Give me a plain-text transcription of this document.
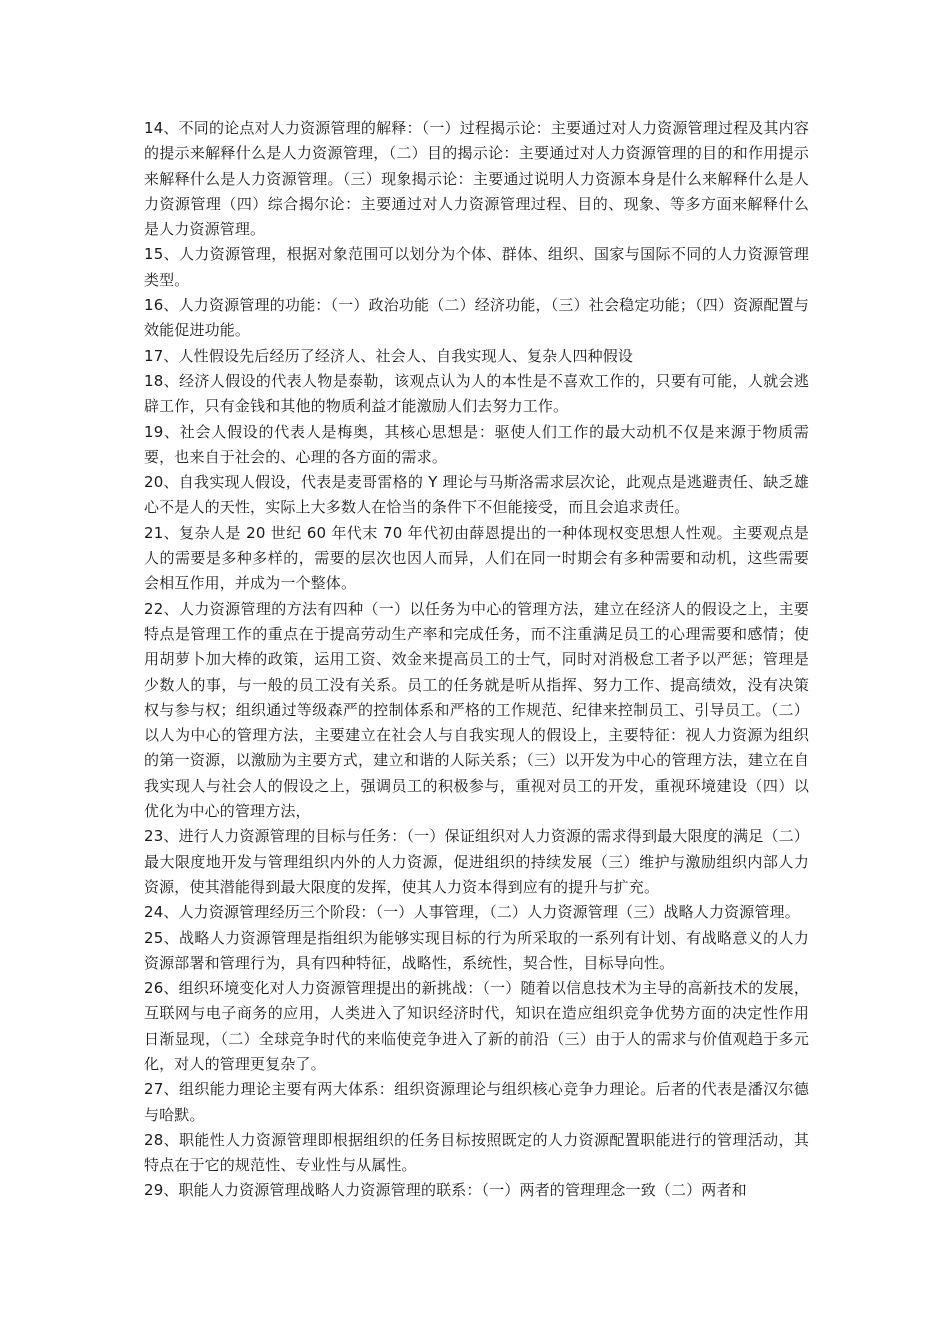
14、不同的论点对人力资源管理的解释：（一）过程揭示论：主要通过对人力资源管理过程及其内容的提示来解释什么是人力资源管理，（二）目的揭示论：主要通过对人力资源管理的目的和作用提示来解释什么是人力资源管理。（三）现象揭示论：主要通过说明人力资源本身是什么来解释什么是人力资源管理（四）综合揭尔论：主要通过对人力资源管理过程、目的、现象、等多方面来解释什么是人力资源管理。

15、人力资源管理，根据对象范围可以划分为个体、群体、组织、国家与国际不同的人力资源管理类型。

16、人力资源管理的功能：（一）政治功能（二）经济功能，（三）社会稳定功能；（四）资源配置与效能促进功能。

17、人性假设先后经历了经济人、社会人、自我实现人、复杂人四种假设

18、经济人假设的代表人物是泰勒，该观点认为人的本性是不喜欢工作的，只要有可能，人就会逃辟工作，只有金钱和其他的物质利益才能激励人们去努力工作。

19、社会人假设的代表人是梅奥，其核心思想是：驱使人们工作的最大动机不仅是来源于物质需要，也来自于社会的、心理的各方面的需求。

20、自我实现人假设，代表是麦哥雷格的 Y 理论与马斯洛需求层次论，此观点是逃避责任、缺乏雄心不是人的天性，实际上大多数人在恰当的条件下不但能接受，而且会追求责任。

21、复杂人是 20 世纪 60 年代末 70 年代初由薛恩提出的一种体现权变思想人性观。主要观点是人的需要是多种多样的，需要的层次也因人而异，人们在同一时期会有多种需要和动机，这些需要会相互作用，并成为一个整体。

22、人力资源管理的方法有四种（一）以任务为中心的管理方法，建立在经济人的假设之上，主要特点是管理工作的重点在于提高劳动生产率和完成任务，而不注重满足员工的心理需要和感情；使用胡萝卜加大棒的政策，运用工资、效金来提高员工的士气，同时对消极怠工者予以严惩；管理是少数人的事，与一般的员工没有关系。员工的任务就是听从指挥、努力工作、提高绩效，没有决策权与参与权；组织通过等级森严的控制体系和严格的工作规范、纪律来控制员工、引导员工。（二）以人为中心的管理方法，主要建立在社会人与自我实现人的假设上，主要特征：视人力资源为组织的第一资源，以激励为主要方式，建立和谐的人际关系；（三）以开发为中心的管理方法，建立在自我实现人与社会人的假设之上，强调员工的积极参与，重视对员工的开发，重视环境建设（四）以优化为中心的管理方法，

23、进行人力资源管理的目标与任务：（一）保证组织对人力资源的需求得到最大限度的满足（二）最大限度地开发与管理组织内外的人力资源，促进组织的持续发展（三）维护与激励组织内部人力资源，使其潜能得到最大限度的发挥，使其人力资本得到应有的提升与扩充。

24、人力资源管理经历三个阶段：（一）人事管理，（二）人力资源管理（三）战略人力资源管理。

25、战略人力资源管理是指组织为能够实现目标的行为所采取的一系列有计划、有战略意义的人力资源部署和管理行为，具有四种特征，战略性，系统性，契合性，目标导向性。

26、组织环境变化对人力资源管理提出的新挑战：（一）随着以信息技术为主导的高新技术的发展，互联网与电子商务的应用，人类进入了知识经济时代，知识在造应组织竞争优势方面的决定性作用日渐显现，（二）全球竞争时代的来临使竞争进入了新的前沿（三）由于人的需求与价值观趋于多元化，对人的管理更复杂了。

27、组织能力理论主要有两大体系：组织资源理论与组织核心竞争力理论。后者的代表是潘汉尔德与哈默。

28、职能性人力资源管理即根据组织的任务目标按照既定的人力资源配置职能进行的管理活动，其特点在于它的规范性、专业性与从属性。

29、职能人力资源管理战略人力资源管理的联系：（一）两者的管理理念一致（二）两者和
